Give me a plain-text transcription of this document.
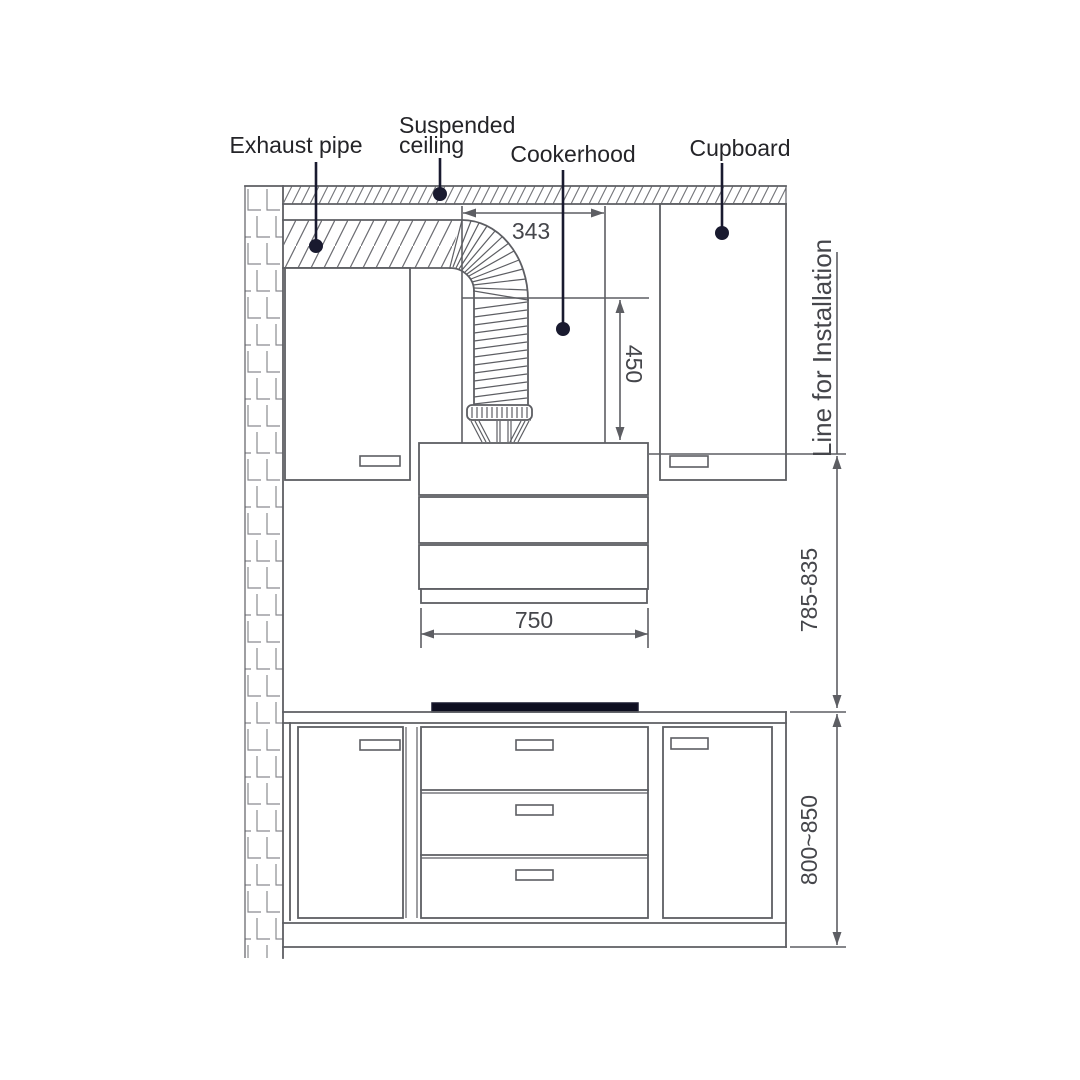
343
450
750
Line for Installation
785-835
800~850
Exhaust pipe
Suspended
ceiling Cookerhood Cupboard
